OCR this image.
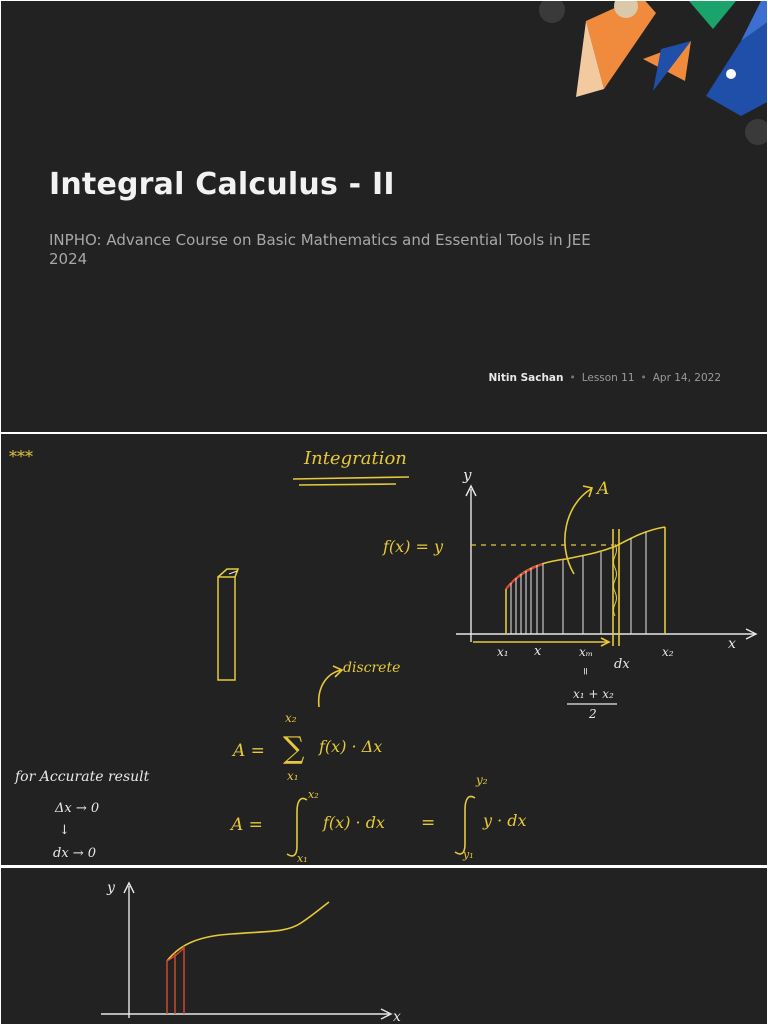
Integral Calculus - II
INPHO: Advance Course on Basic Mathematics and Essential Tools in JEE 2024
Nitin Sachan • Lesson 11 • Apr 14, 2022
***	Integration
y
x
f(x) = y
A
x₁ x	xₘ
dx
x₂
=
x₁ + x₂
2
discrete
A =
x₂
∑
x₁
f(x) · Δx
A =
x₂
x₁
f(x) · dx =
y₂
y₁
y · dx
for Accurate result
Δx → 0
↓
dx → 0
y
x
